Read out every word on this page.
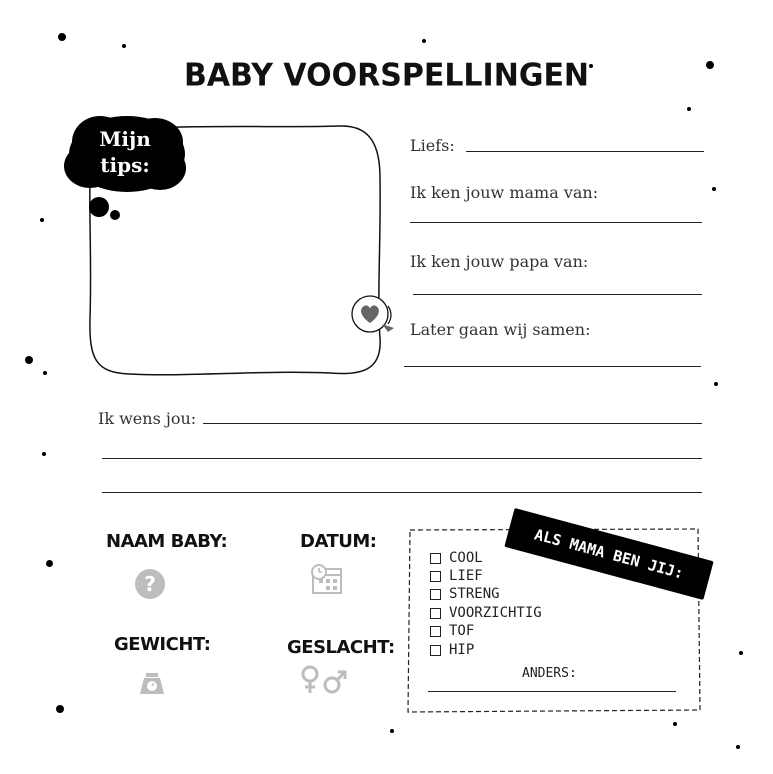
BABY VOORSPELLINGEN
Mijn
tips:
Liefs:
Ik ken jouw mama van:
Ik ken jouw papa van:
Later gaan wij samen:
Ik wens jou:
NAAM BABY:
?
DATUM:
GEWICHT:	GESLACHT:
ALS MAMA BEN JIJ:
COOL
LIEF
STRENG
VOORZICHTIG
TOF
HIP
ANDERS:
